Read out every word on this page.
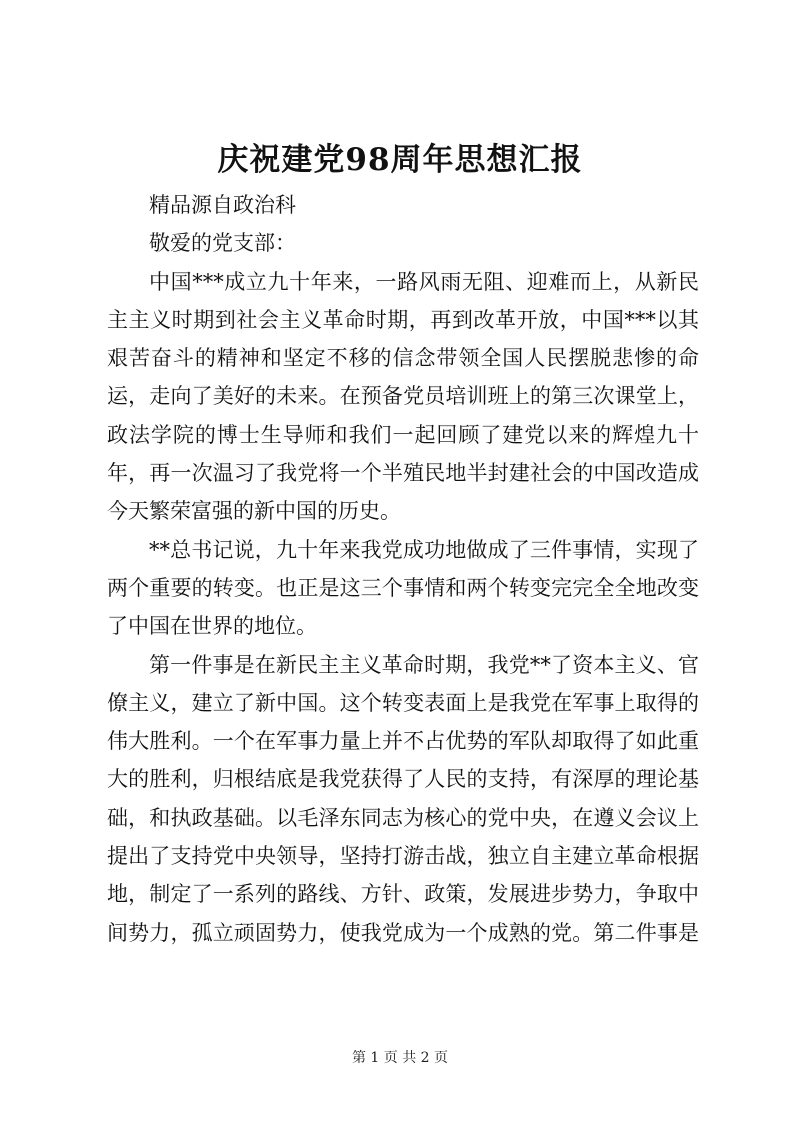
庆祝建党98周年思想汇报
精品源自政治科
敬爱的党支部：
中国***成立九十年来，一路风雨无阻、迎难而上，从新民
主主义时期到社会主义革命时期，再到改革开放，中国***以其
艰苦奋斗的精神和坚定不移的信念带领全国人民摆脱悲惨的命
运，走向了美好的未来。在预备党员培训班上的第三次课堂上，
政法学院的博士生导师和我们一起回顾了建党以来的辉煌九十
年，再一次温习了我党将一个半殖民地半封建社会的中国改造成
今天繁荣富强的新中国的历史。
**总书记说，九十年来我党成功地做成了三件事情，实现了
两个重要的转变。也正是这三个事情和两个转变完完全全地改变
了中国在世界的地位。
第一件事是在新民主主义革命时期，我党**了资本主义、官
僚主义，建立了新中国。这个转变表面上是我党在军事上取得的
伟大胜利。一个在军事力量上并不占优势的军队却取得了如此重
大的胜利，归根结底是我党获得了人民的支持，有深厚的理论基
础，和执政基础。以毛泽东同志为核心的党中央，在遵义会议上
提出了支持党中央领导，坚持打游击战，独立自主建立革命根据
地，制定了一系列的路线、方针、政策，发展进步势力，争取中
间势力，孤立顽固势力，使我党成为一个成熟的党。第二件事是
第 1 页 共 2 页
